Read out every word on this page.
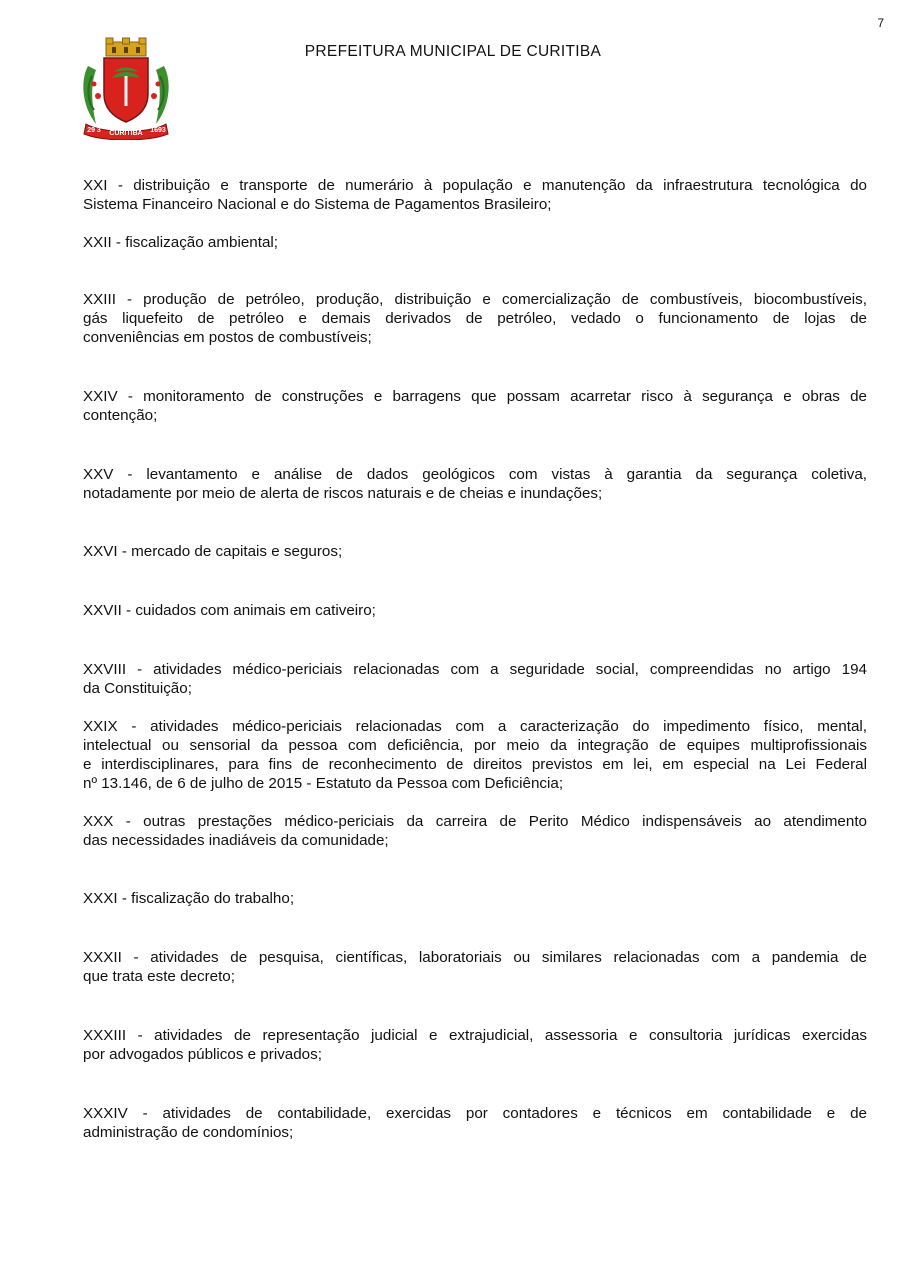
7
CURITIBA
29 3	1693
PREFEITURA MUNICIPAL DE CURITIBA

XXI - distribuição e transporte de numerário à população e manutenção da infraestrutura tecnológica do
Sistema Financeiro Nacional e do Sistema de Pagamentos Brasileiro;

XXII - fiscalização ambiental;

XXIII - produção de petróleo, produção, distribuição e comercialização de combustíveis, biocombustíveis,
gás liquefeito de petróleo e demais derivados de petróleo, vedado o funcionamento de lojas de
conveniências em postos de combustíveis;

XXIV - monitoramento de construções e barragens que possam acarretar risco à segurança e obras de
contenção;

XXV - levantamento e análise de dados geológicos com vistas à garantia da segurança coletiva,
notadamente por meio de alerta de riscos naturais e de cheias e inundações;

XXVI - mercado de capitais e seguros;

XXVII - cuidados com animais em cativeiro;

XXVIII - atividades médico-periciais relacionadas com a seguridade social, compreendidas no artigo 194
da Constituição;

XXIX - atividades médico-periciais relacionadas com a caracterização do impedimento físico, mental,
intelectual ou sensorial da pessoa com deficiência, por meio da integração de equipes multiprofissionais
e interdisciplinares, para fins de reconhecimento de direitos previstos em lei, em especial na Lei Federal
nº 13.146, de 6 de julho de 2015 - Estatuto da Pessoa com Deficiência;

XXX - outras prestações médico-periciais da carreira de Perito Médico indispensáveis ao atendimento
das necessidades inadiáveis da comunidade;

XXXI - fiscalização do trabalho;

XXXII - atividades de pesquisa, científicas, laboratoriais ou similares relacionadas com a pandemia de
que trata este decreto;

XXXIII - atividades de representação judicial e extrajudicial, assessoria e consultoria jurídicas exercidas
por advogados públicos e privados;

XXXIV - atividades de contabilidade, exercidas por contadores e técnicos em contabilidade e de
administração de condomínios;
